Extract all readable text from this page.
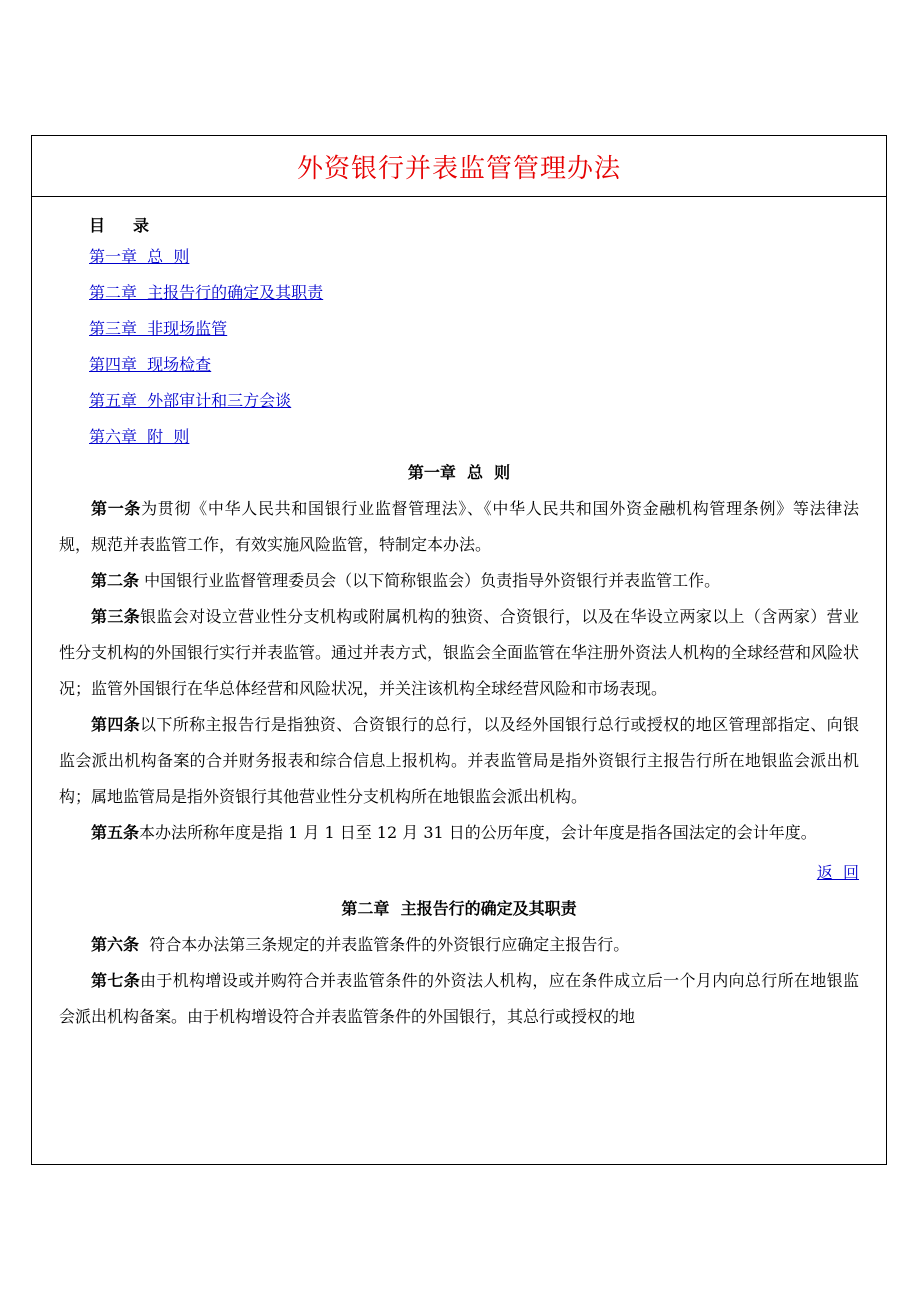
外资银行并表监管管理办法
目 录
第一章  总  则
第二章  主报告行的确定及其职责
第三章  非现场监管
第四章  现场检查
第五章  外部审计和三方会谈
第六章  附  则
第一章  总  则

第一条为贯彻《中华人民共和国银行业监督管理法》、《中华人民共和国外资金融机构管理条例》等法律法规，规范并表监管工作，有效实施风险监管，特制定本办法。

第二条 中国银行业监督管理委员会（以下简称银监会）负责指导外资银行并表监管工作。

第三条银监会对设立营业性分支机构或附属机构的独资、合资银行，以及在华设立两家以上（含两家）营业性分支机构的外国银行实行并表监管。通过并表方式，银监会全面监管在华注册外资法人机构的全球经营和风险状况；监管外国银行在华总体经营和风险状况，并关注该机构全球经营风险和市场表现。

第四条以下所称主报告行是指独资、合资银行的总行，以及经外国银行总行或授权的地区管理部指定、向银监会派出机构备案的合并财务报表和综合信息上报机构。并表监管局是指外资银行主报告行所在地银监会派出机构；属地监管局是指外资银行其他营业性分支机构所在地银监会派出机构。

第五条本办法所称年度是指 1 月 1 日至 12 月 31 日的公历年度，会计年度是指各国法定的会计年度。

返  回
第二章  主报告行的确定及其职责

第六条  符合本办法第三条规定的并表监管条件的外资银行应确定主报告行。

第七条由于机构增设或并购符合并表监管条件的外资法人机构，应在条件成立后一个月内向总行所在地银监会派出机构备案。由于机构增设符合并表监管条件的外国银行，其总行或授权的地
